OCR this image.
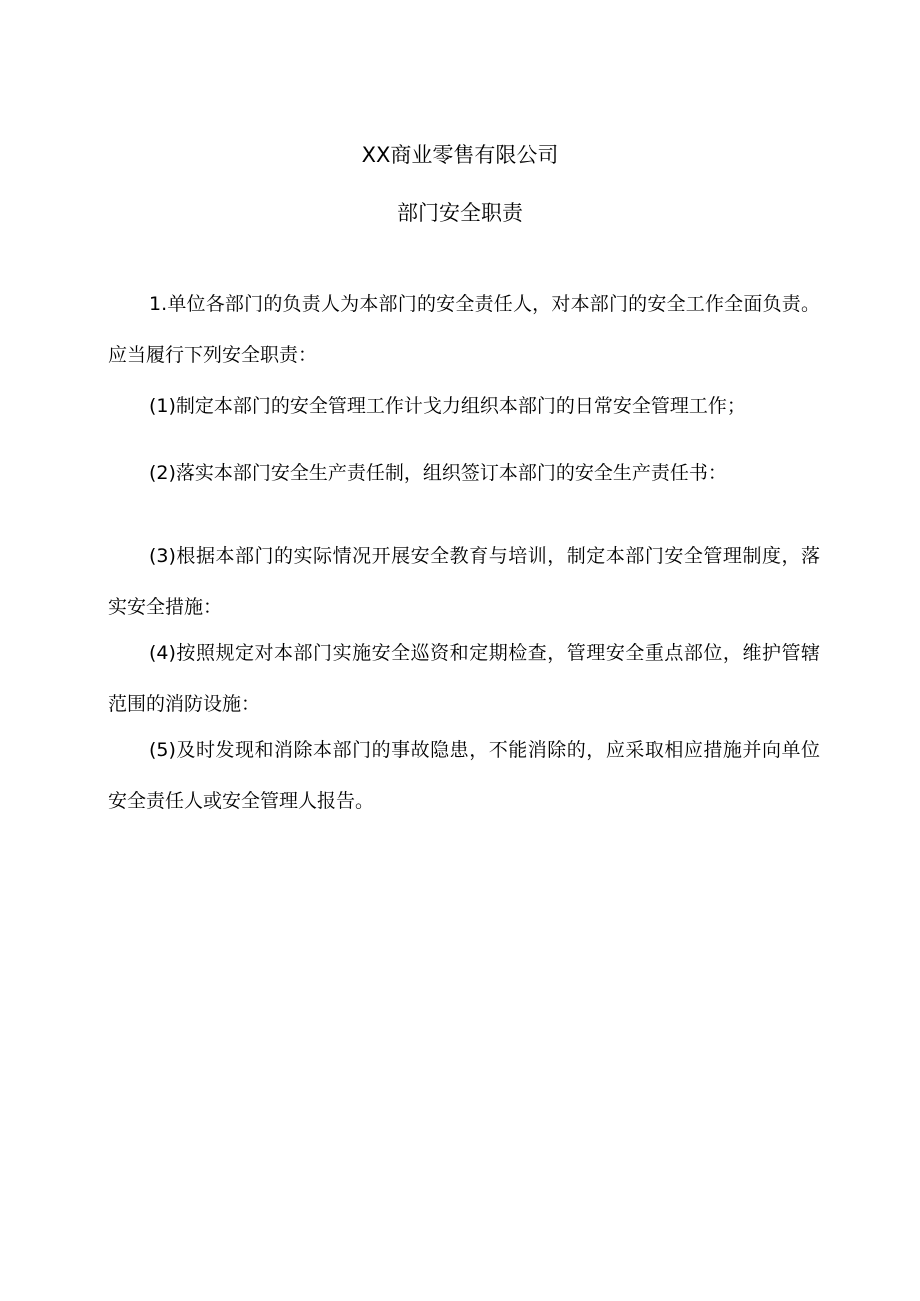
XX商业零售有限公司
部门安全职责

1.单位各部门的负责人为本部门的安全责任人，对本部门的安全工作全面负责。应当履行下列安全职责：

(1)制定本部门的安全管理工作计戈力组织本部门的日常安全管理工作；

(2)落实本部门安全生产责任制，组织签订本部门的安全生产责任书：

(3)根据本部门的实际情况开展安全教育与培训，制定本部门安全管理制度，落实安全措施：

(4)按照规定对本部门实施安全巡资和定期检查，管理安全重点部位，维护管辖范围的消防设施：

(5)及时发现和消除本部门的事故隐患，不能消除的，应采取相应措施并向单位安全责任人或安全管理人报告。
